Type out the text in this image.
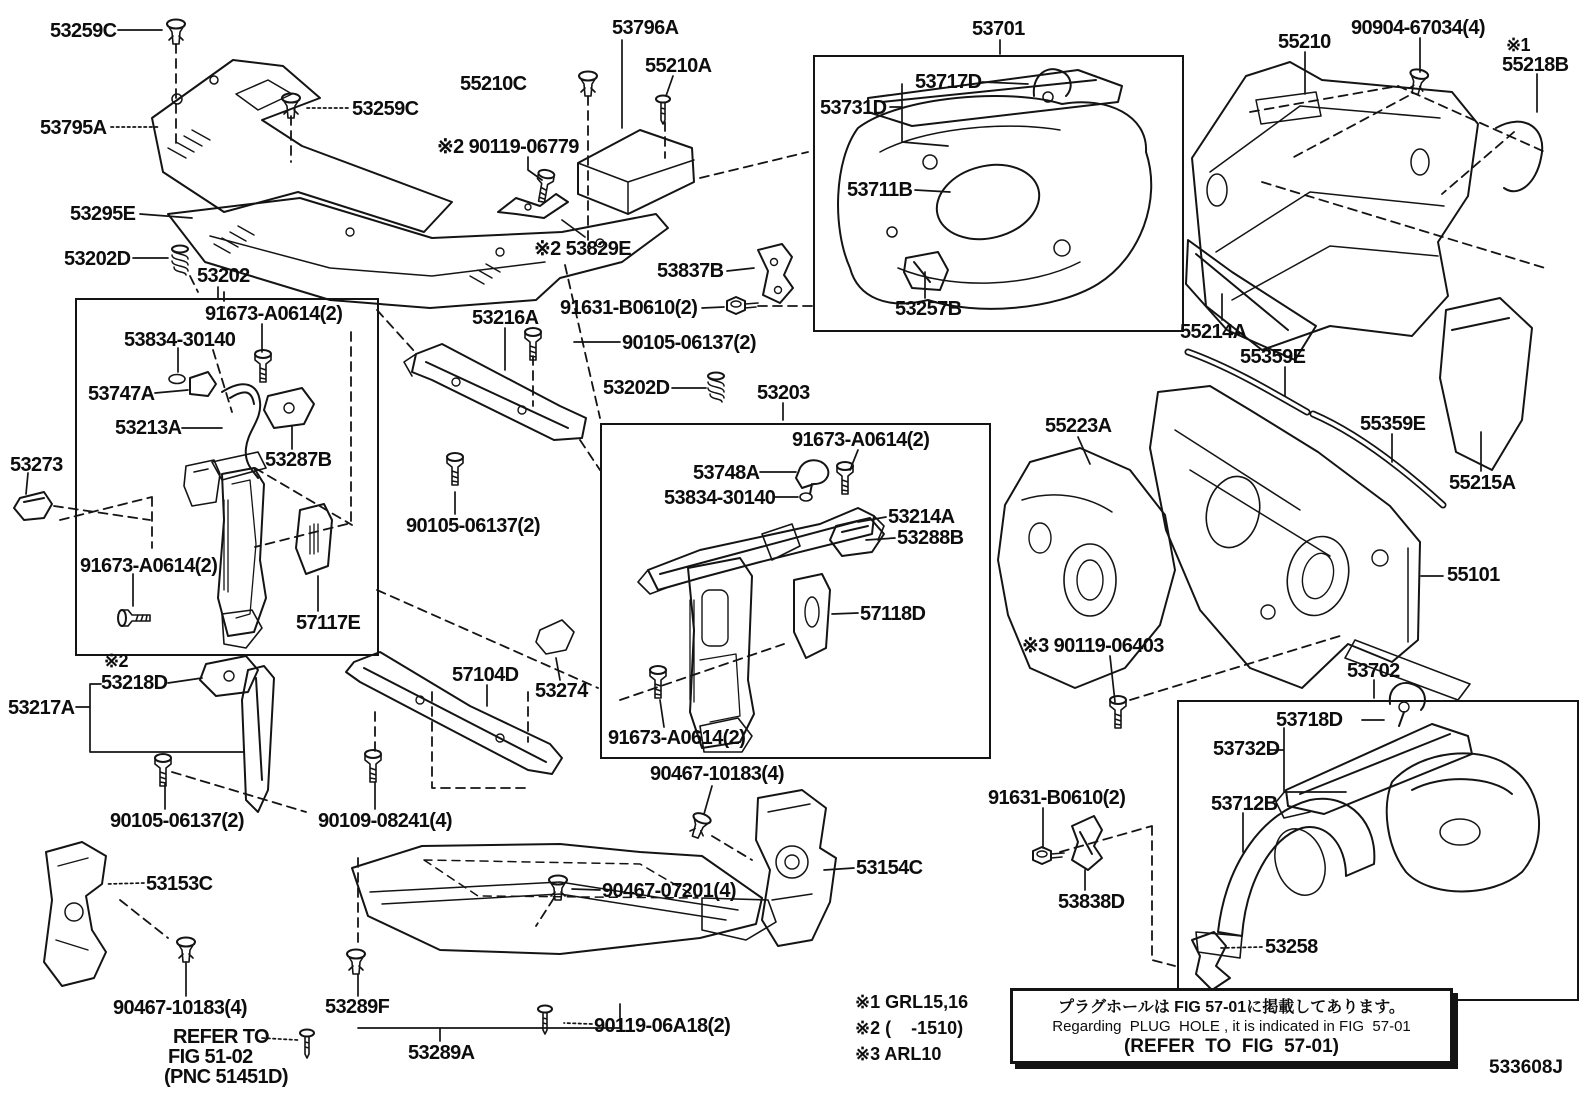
53259C
53795A
53259C
53295E
53202D
53202
53796A
55210A
55210C
※2 90119-06779
※2 53829E
53837B
91631-B0610(2)
53701
53717D
53731D
53711B
53257B
55210
90904-67034(4)
※1
55218B
55214A
55359E
55359E
55215A
55223A
55101
※3 90119-06403
53702
53718D
53732D
53712B
53258
91631-B0610(2)
53838D
91673-A0614(2)
53834-30140
53747A
53213A
53287B
53273
91673-A0614(2)
57117E
53216A
90105-06137(2)
53202D	53203
90105-06137(2)
91673-A0614(2)
53748A
53834-30140
53214A
53288B
57118D
91673-A0614(2)
53274
57104D
※2
53218D
53217A
90105-06137(2)	90109-08241(4)
53153C
90467-10183(4)
REFER TO
FIG 51-02
(PNC 51451D)
53289F
53289A
90119-06A18(2)
90467-07201(4)
90467-10183(4)
53154C
※1 GRL15,16
※2 (    -1510)
※3 ARL10
プラグホールは FIG 57-01に掲載してあります。
Regarding  PLUG  HOLE , it is indicated in FIG  57-01
(REFER  TO  FIG  57-01)
533608J
